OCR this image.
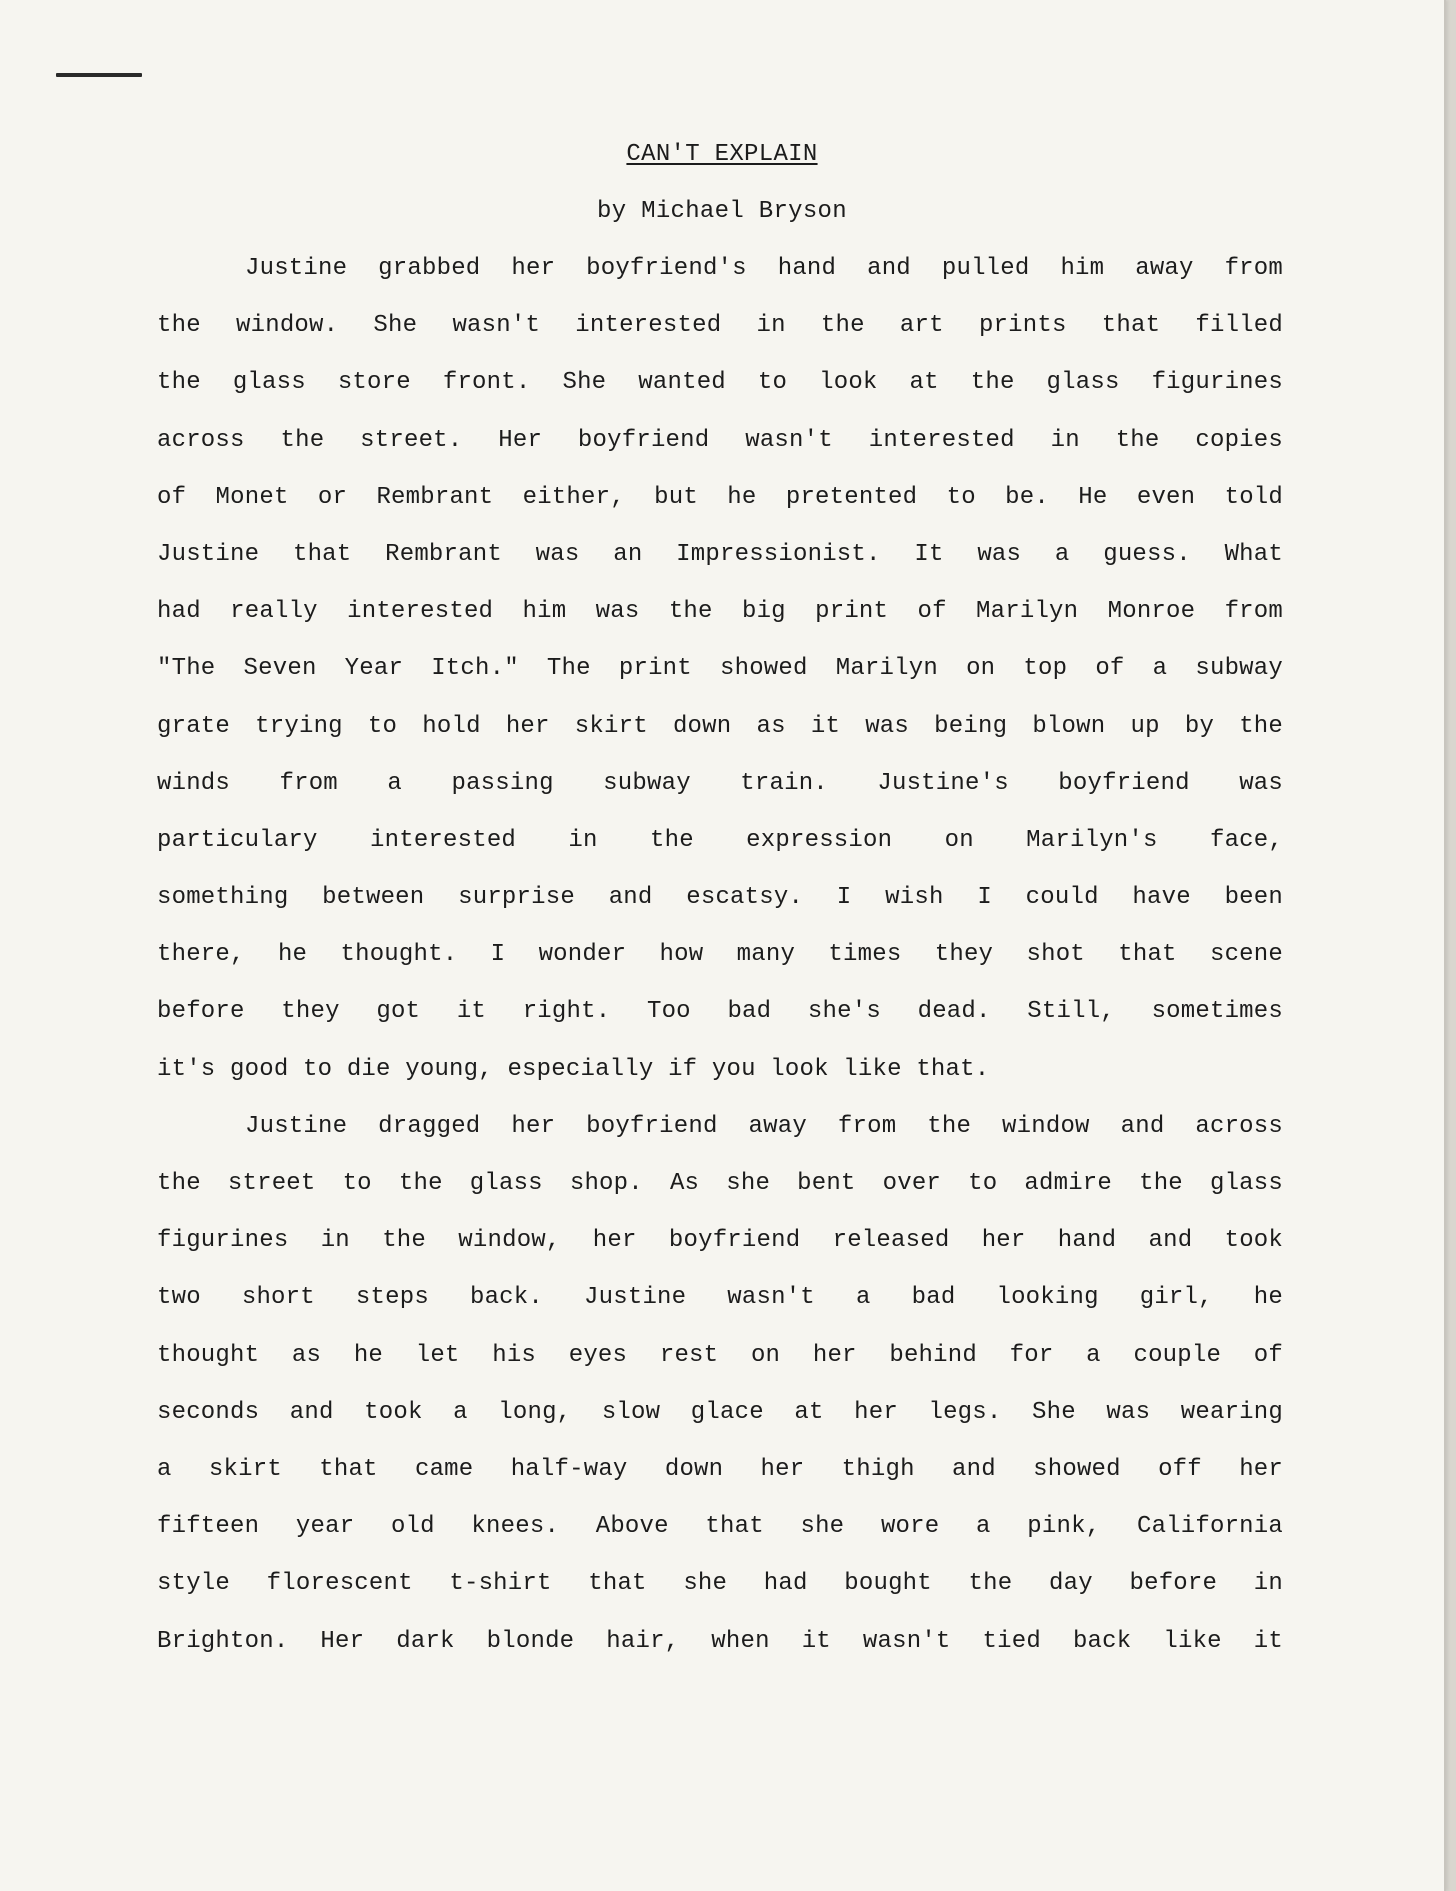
CAN'T EXPLAIN
by Michael Bryson
Justine grabbed her boyfriend's hand and pulled him away from
the window. She wasn't interested in the art prints that filled
the glass store front. She wanted to look at the glass figurines
across the street. Her boyfriend wasn't interested in the copies
of Monet or Rembrant either, but he pretented to be. He even told
Justine that Rembrant was an Impressionist. It was a guess. What
had really interested him was the big print of Marilyn Monroe from
"The Seven Year Itch." The print showed Marilyn on top of a subway
grate trying to hold her skirt down as it was being blown up by the
winds from a passing subway train. Justine's boyfriend was
particulary interested in the expression on Marilyn's face,
something between surprise and escatsy. I wish I could have been
there, he thought. I wonder how many times they shot that scene
before they got it right. Too bad she's dead. Still, sometimes
it's good to die young, especially if you look like that.
Justine dragged her boyfriend away from the window and across
the street to the glass shop. As she bent over to admire the glass
figurines in the window, her boyfriend released her hand and took
two short steps back. Justine wasn't a bad looking girl, he
thought as he let his eyes rest on her behind for a couple of
seconds and took a long, slow glace at her legs. She was wearing
a skirt that came half-way down her thigh and showed off her
fifteen year old knees. Above that she wore a pink, California
style florescent t-shirt that she had bought the day before in
Brighton. Her dark blonde hair, when it wasn't tied back like it
